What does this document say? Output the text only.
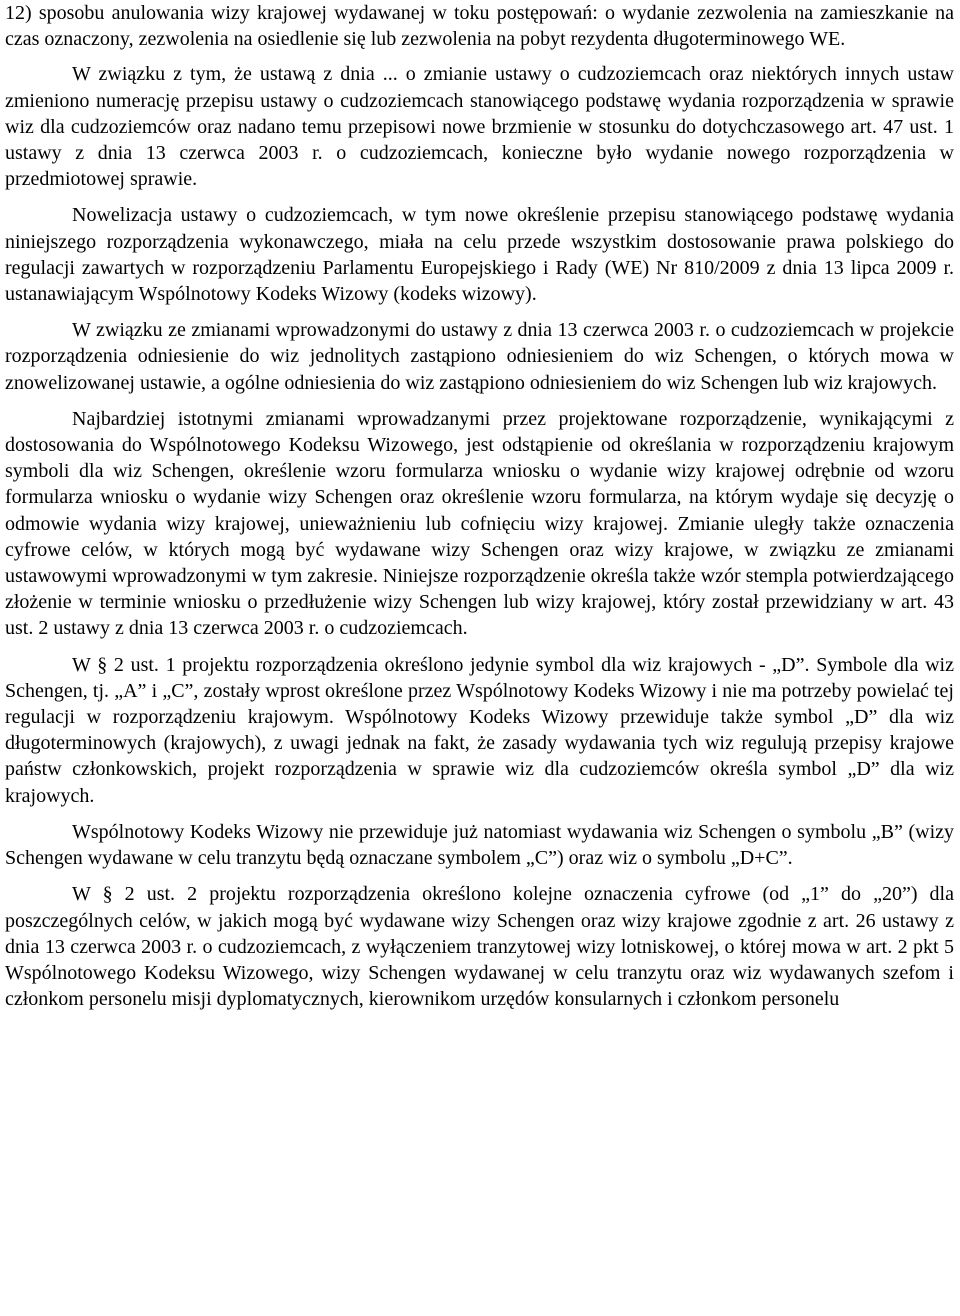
12) sposobu anulowania wizy krajowej wydawanej w toku postępowań: o wydanie zezwolenia na zamieszkanie na czas oznaczony, zezwolenia na osiedlenie się lub zezwolenia na pobyt rezydenta długoterminowego WE.

W związku z tym, że ustawą z dnia ... o zmianie ustawy o cudzoziemcach oraz niektórych innych ustaw zmieniono numerację przepisu ustawy o cudzoziemcach stanowiącego podstawę wydania rozporządzenia w sprawie wiz dla cudzoziemców oraz nadano temu przepisowi nowe brzmienie w stosunku do dotychczasowego art. 47 ust. 1 ustawy z dnia 13 czerwca 2003 r. o cudzoziemcach, konieczne było wydanie nowego rozporządzenia w przedmiotowej sprawie.

Nowelizacja ustawy o cudzoziemcach, w tym nowe określenie przepisu stanowiącego podstawę wydania niniejszego rozporządzenia wykonawczego, miała na celu przede wszystkim dostosowanie prawa polskiego do regulacji zawartych w rozporządzeniu Parlamentu Europejskiego i Rady (WE) Nr 810/2009 z dnia 13 lipca 2009 r. ustanawiającym Wspólnotowy Kodeks Wizowy (kodeks wizowy).

W związku ze zmianami wprowadzonymi do ustawy z dnia 13 czerwca 2003 r. o cudzoziemcach w projekcie rozporządzenia odniesienie do wiz jednolitych zastąpiono odniesieniem do wiz Schengen, o których mowa w znowelizowanej ustawie, a ogólne odniesienia do wiz zastąpiono odniesieniem do wiz Schengen lub wiz krajowych.

Najbardziej istotnymi zmianami wprowadzanymi przez projektowane rozporządzenie, wynikającymi z dostosowania do Wspólnotowego Kodeksu Wizowego, jest odstąpienie od określania w rozporządzeniu krajowym symboli dla wiz Schengen, określenie wzoru formularza wniosku o wydanie wizy krajowej odrębnie od wzoru formularza wniosku o wydanie wizy Schengen oraz określenie wzoru formularza, na którym wydaje się decyzję o odmowie wydania wizy krajowej, unieważnieniu lub cofnięciu wizy krajowej. Zmianie uległy także oznaczenia cyfrowe celów, w których mogą być wydawane wizy Schengen oraz wizy krajowe, w związku ze zmianami ustawowymi wprowadzonymi w tym zakresie. Niniejsze rozporządzenie określa także wzór stempla potwierdzającego złożenie w terminie wniosku o przedłużenie wizy Schengen lub wizy krajowej, który został przewidziany w art. 43 ust. 2 ustawy z dnia 13 czerwca 2003 r. o cudzoziemcach.

W § 2 ust. 1 projektu rozporządzenia określono jedynie symbol dla wiz krajowych - „D”. Symbole dla wiz Schengen, tj. „A” i „C”, zostały wprost określone przez Wspólnotowy Kodeks Wizowy i nie ma potrzeby powielać tej regulacji w rozporządzeniu krajowym. Wspólnotowy Kodeks Wizowy przewiduje także symbol „D” dla wiz długoterminowych (krajowych), z uwagi jednak na fakt, że zasady wydawania tych wiz regulują przepisy krajowe państw członkowskich, projekt rozporządzenia w sprawie wiz dla cudzoziemców określa symbol „D” dla wiz krajowych.

Wspólnotowy Kodeks Wizowy nie przewiduje już natomiast wydawania wiz Schengen o symbolu „B” (wizy Schengen wydawane w celu tranzytu będą oznaczane symbolem „C”) oraz wiz o symbolu „D+C”.

W § 2 ust. 2 projektu rozporządzenia określono kolejne oznaczenia cyfrowe (od „1” do „20”) dla poszczególnych celów, w jakich mogą być wydawane wizy Schengen oraz wizy krajowe zgodnie z art. 26 ustawy z dnia 13 czerwca 2003 r. o cudzoziemcach, z wyłączeniem tranzytowej wizy lotniskowej, o której mowa w art. 2 pkt 5 Wspólnotowego Kodeksu Wizowego, wizy Schengen wydawanej w celu tranzytu oraz wiz wydawanych szefom i członkom personelu misji dyplomatycznych, kierownikom urzędów konsularnych i członkom personelu
